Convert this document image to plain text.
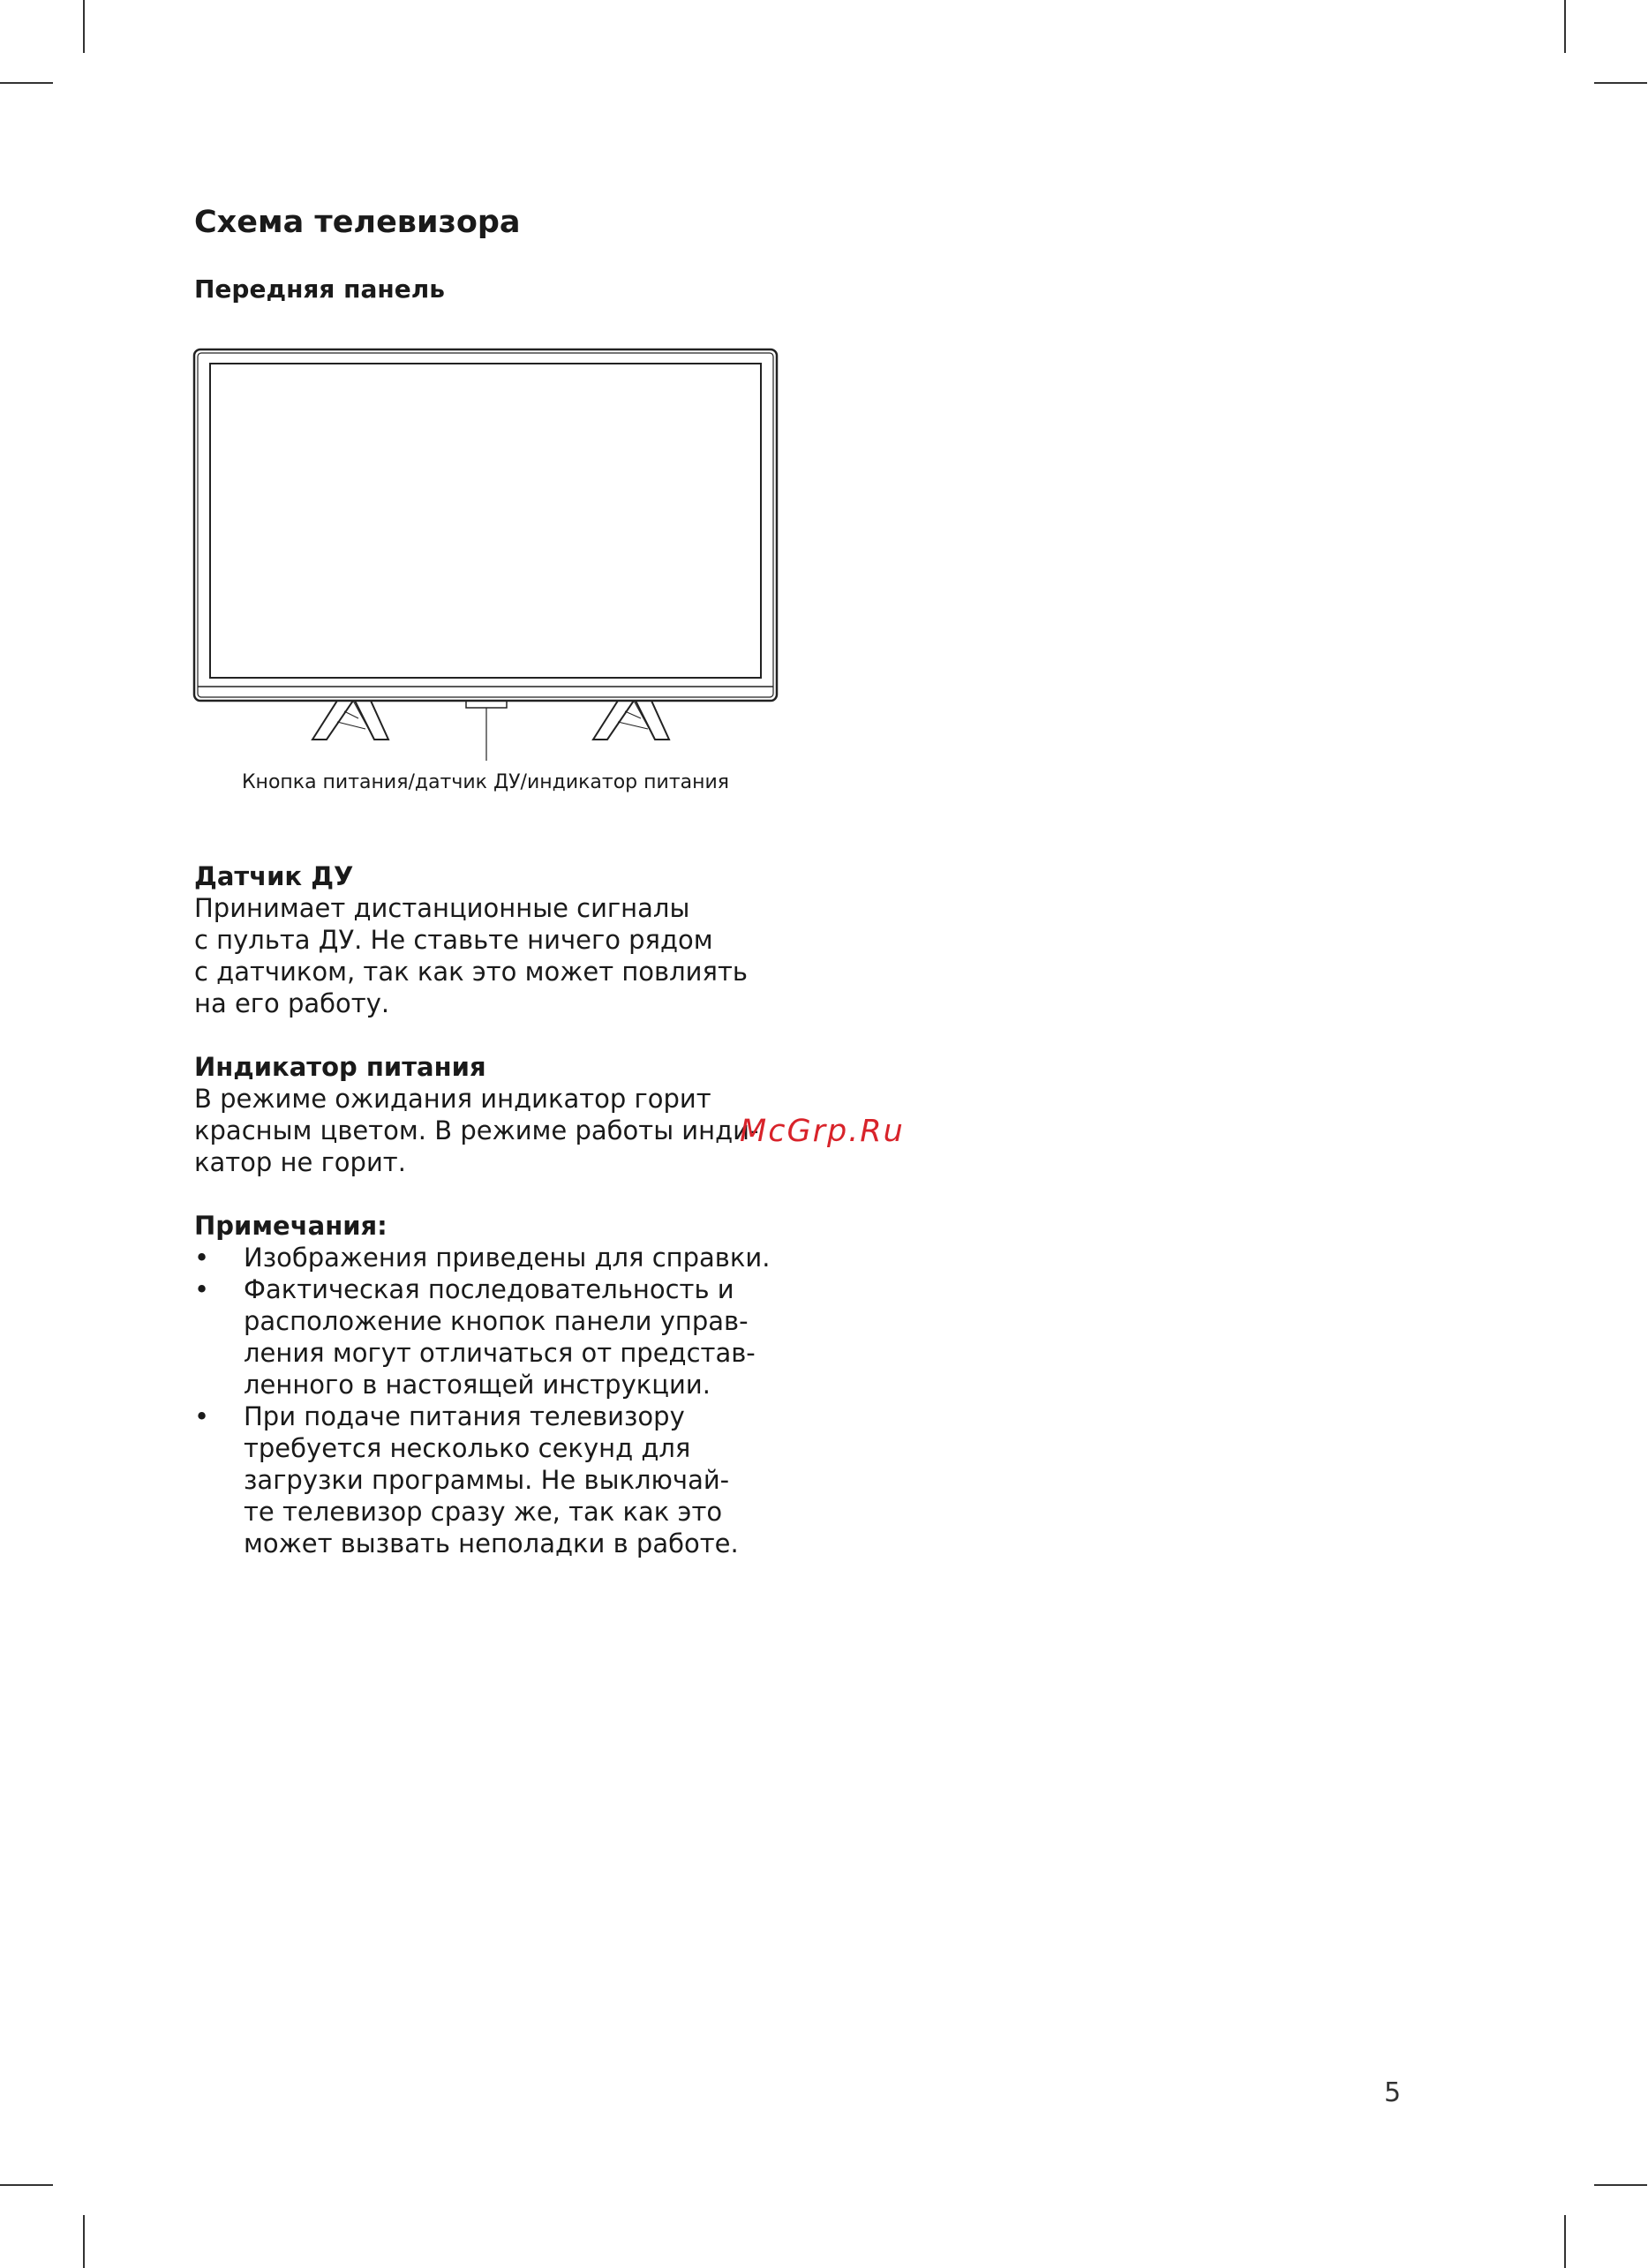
Схема телевизора
Передняя панель
Кнопка питания/датчик ДУ/индикатор питания
Датчик ДУ
Принимает дистанционные сигналы
с пульта ДУ. Не ставьте ничего рядом
с датчиком, так как это может повлиять
на его работу.
Индикатор питания
В режиме ожидания индикатор горит
красным цветом. В режиме работы инди-
катор не горит.
Примечания:
• Изображения приведены для справки.
• Фактическая последовательность и
расположение кнопок панели управ-
ления могут отличаться от представ-
ленного в настоящей инструкции.
• При подаче питания телевизору
требуется несколько секунд для
загрузки программы. Не выключай-
те телевизор сразу же, так как это
может вызвать неполадки в работе.
McGrp.Ru
5
